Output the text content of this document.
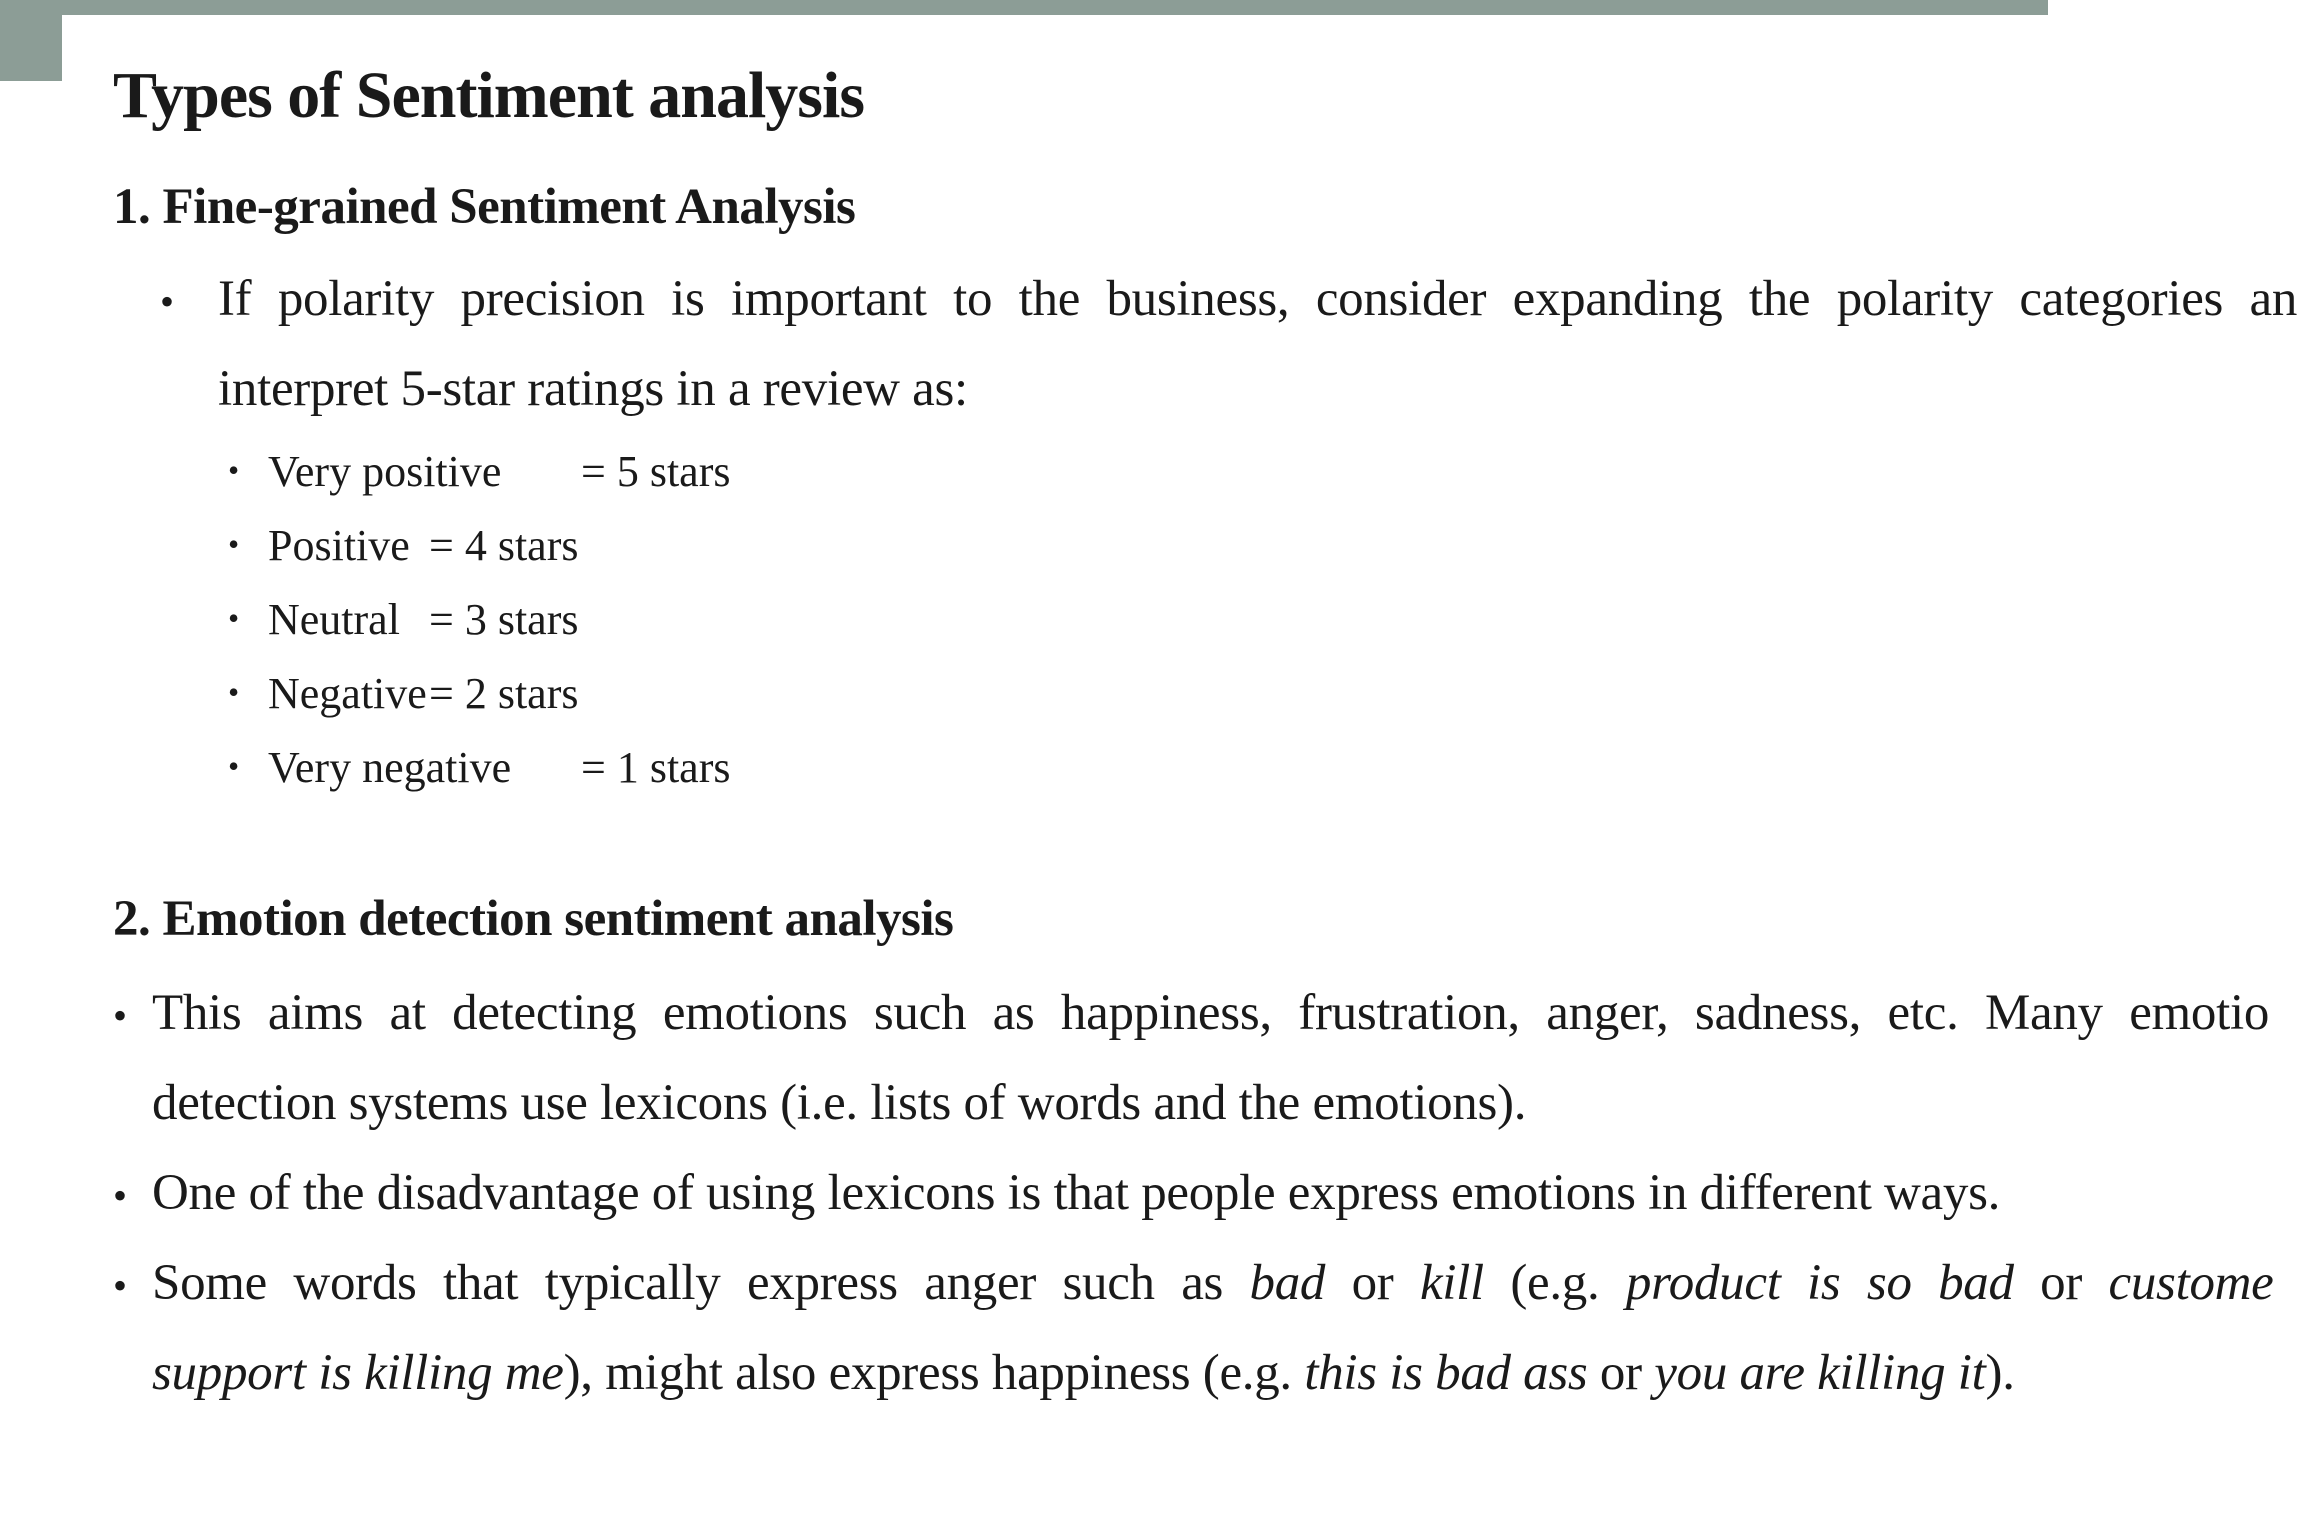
Types of Sentiment analysis
1. Fine-grained Sentiment Analysis
• If polarity precision is important to the business, consider expanding the polarity categories an

interpret 5-star ratings in a review as:

• Very positive = 5 stars
• Positive = 4 stars
• Neutral = 3 stars
• Negative = 2 stars
• Very negative = 1 stars
2. Emotion detection sentiment analysis
• This aims at detecting emotions such as happiness, frustration, anger, sadness, etc. Many emotio

detection systems use lexicons (i.e. lists of words and the emotions).

• One of the disadvantage of using lexicons is that people express emotions in different ways.

• Some words that typically express anger such as bad or kill (e.g. product is so bad or custome

support is killing me), might also express happiness (e.g. this is bad ass or you are killing it).
